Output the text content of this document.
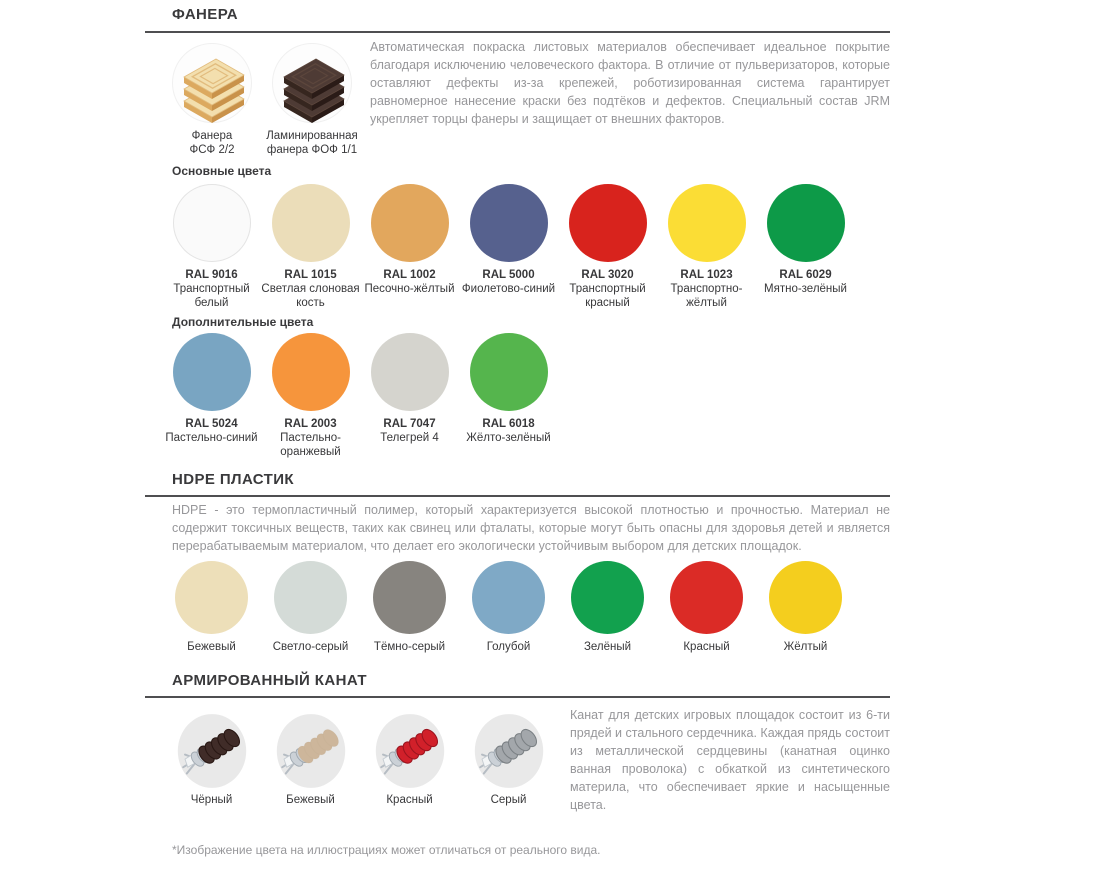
ФАНЕРА
Фанера
ФСФ 2/2
Ламинированная
фанера ФОФ 1/1
Автоматическая покраска листовых материалов обеспечивает идеальное покрытие благодаря исключению человеческого фактора. В отличие от пульверизаторов, которые оставляют дефекты из-за крепежей, роботизированная система гарантирует равномерное нанесение краски без подтёков и дефектов. Специальный состав JRM укрепляет торцы фанеры и защищает от внешних факторов.
Основные цвета
RAL 9016
Транспортный белый
RAL 1015
Светлая слоновая кость
RAL 1002
Песочно-жёлтый
RAL 5000
Фиолетово-синий
RAL 3020
Транспортный красный
RAL 1023
Транспортно-жёлтый
RAL 6029
Мятно-зелёный
Дополнительные цвета
RAL 5024
Пастельно-синий
RAL 2003
Пастельно-оранжевый
RAL 7047
Телегрей 4
RAL 6018
Жёлто-зелёный
HDPE ПЛАСТИК
HDPE - это термопластичный полимер, который характеризуется высокой плотностью и прочностью. Материал не содержит токсичных веществ, таких как свинец или фталаты, которые могут быть опасны для здоровья детей и является перерабатываемым материалом, что делает его экологически устойчивым выбором для детских площадок.
Бежевый	Светло-серый Тёмно-серый	Голубой	Зелёный	Красный	Жёлтый
АРМИРОВАННЫЙ КАНАТ
Чёрный	Бежевый	Красный	Серый
Канат для детских игровых площадок состоит из 6-ти прядей и стального сердечника. Каждая прядь состоит из металлической сердцевины (канатная оцинко ванная проволока) с обкаткой из синтетического материла, что обеспечивает яркие и насыщенные цвета.
*Изображение цвета на иллюстрациях может отличаться от реального вида.
